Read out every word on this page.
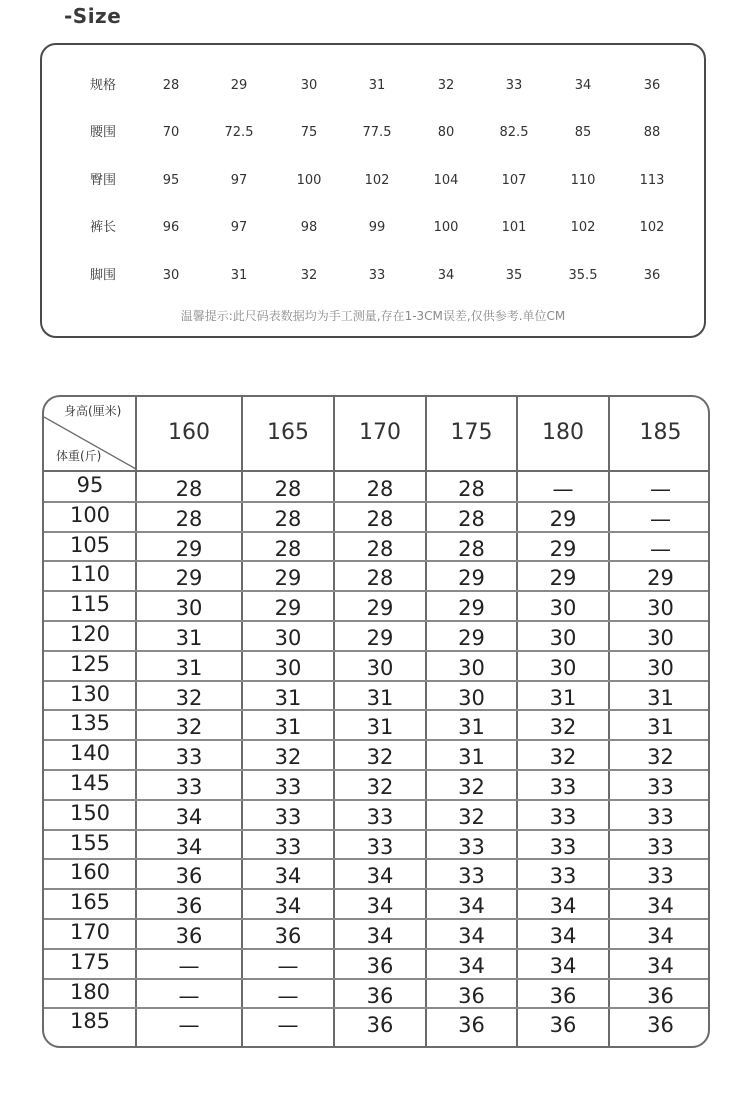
-Size
规格	28	29	30	31	32	33	34	36
腰围	70	72.5	75	77.5	80	82.5	85	88
臀围	95	97	100	102	104	107	110	113
裤长	96	97	98	99	100	101	102	102
脚围	30	31	32	33	34	35	35.5	36
温馨提示:此尺码表数据均为手工测量,存在1-3CM误差,仅供参考.单位CM
身高(厘米)
体重(斤)
160	165	170	175	180	185
95	28	28	28	28	—	—
100	28	28	28	28	29	—
105	29	28	28	28	29	—
110	29	29	28	29	29	29
115	30	29	29	29	30	30
120	31	30	29	29	30	30
125	31	30	30	30	30	30
130	32	31	31	30	31	31
135	32	31	31	31	32	31
140	33	32	32	31	32	32
145	33	33	32	32	33	33
150	34	33	33	32	33	33
155	34	33	33	33	33	33
160	36	34	34	33	33	33
165	36	34	34	34	34	34
170	36	36	34	34	34	34
175	—	—	36	34	34	34
180	—	—	36	36	36	36
185	—	—	36	36	36	36
